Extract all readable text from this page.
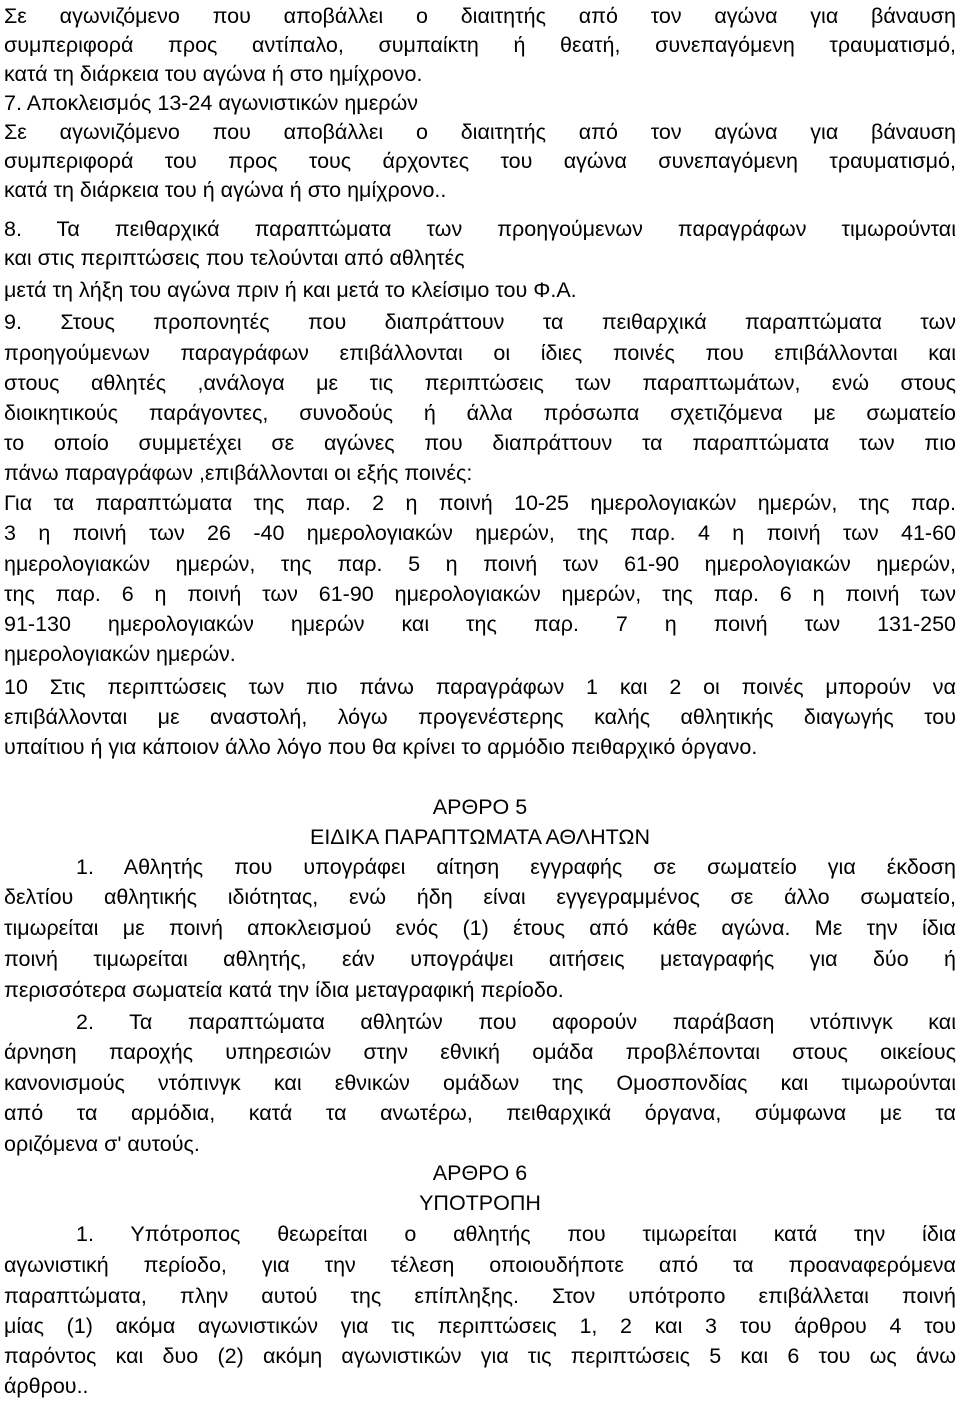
Σε αγωνιζόμενο που αποβάλλει ο διαιτητής από τον αγώνα για βάναυση
συμπεριφορά προς αντίπαλο, συμπαίκτη ή θεατή, συνεπαγόμενη τραυματισμό,
κατά τη διάρκεια του αγώνα ή στο ημίχρονο.
7. Αποκλεισμός 13-24 αγωνιστικών ημερών
Σε αγωνιζόμενο που αποβάλλει ο διαιτητής από τον αγώνα για βάναυση
συμπεριφορά του προς τους άρχοντες του αγώνα συνεπαγόμενη τραυματισμό,
κατά τη διάρκεια του ή αγώνα ή στο ημίχρονο..
8. Τα πειθαρχικά παραπτώματα των προηγούμενων παραγράφων τιμωρούνται
και στις περιπτώσεις που τελούνται από αθλητές
μετά τη λήξη του αγώνα πριν ή και μετά το κλείσιμο του Φ.Α.
9. Στους προπονητές που διαπράττουν τα πειθαρχικά παραπτώματα των
προηγούμενων παραγράφων επιβάλλονται οι ίδιες ποινές που επιβάλλονται και
στους αθλητές ,ανάλογα με τις περιπτώσεις των παραπτωμάτων, ενώ στους
διοικητικούς παράγοντες, συνοδούς ή άλλα πρόσωπα σχετιζόμενα με σωματείο
το οποίο συμμετέχει σε αγώνες που διαπράττουν τα παραπτώματα των πιο
πάνω παραγράφων ,επιβάλλονται οι εξής ποινές:
Για τα παραπτώματα της παρ. 2 η ποινή 10-25 ημερολογιακών ημερών, της παρ.
3 η ποινή των 26 -40 ημερολογιακών ημερών, της παρ. 4 η ποινή των 41-60
ημερολογιακών ημερών, της παρ. 5 η ποινή των 61-90 ημερολογιακών ημερών,
της παρ. 6 η ποινή των 61-90 ημερολογιακών ημερών, της παρ. 6 η ποινή των
91-130 ημερολογιακών ημερών και της παρ. 7 η ποινή των 131-250
ημερολογιακών ημερών.
10 Στις περιπτώσεις των πιο πάνω παραγράφων 1 και 2 οι ποινές μπορούν να
επιβάλλονται με αναστολή, λόγω προγενέστερης καλής αθλητικής διαγωγής του
υπαίτιου ή για κάποιον άλλο λόγο που θα κρίνει το αρμόδιο πειθαρχικό όργανο.
ΑΡΘΡΟ 5
ΕΙΔΙΚΑ ΠΑΡΑΠΤΩΜΑΤΑ ΑΘΛΗΤΩΝ
1. Αθλητής που υπογράφει αίτηση εγγραφής σε σωματείο για έκδοση
δελτίου αθλητικής ιδιότητας, ενώ ήδη είναι εγγεγραμμένος σε άλλο σωματείο,
τιμωρείται με ποινή αποκλεισμού ενός (1) έτους από κάθε αγώνα. Με την ίδια
ποινή τιμωρείται αθλητής, εάν υπογράψει αιτήσεις μεταγραφής για δύο ή
περισσότερα σωματεία κατά την ίδια μεταγραφική περίοδο.
2. Τα παραπτώματα αθλητών που αφορούν παράβαση ντόπινγκ και
άρνηση παροχής υπηρεσιών στην εθνική ομάδα προβλέπονται στους οικείους
κανονισμούς ντόπινγκ και εθνικών ομάδων της Ομοσπονδίας και τιμωρούνται
από τα αρμόδια, κατά τα ανωτέρω, πειθαρχικά όργανα, σύμφωνα με τα
οριζόμενα σ' αυτούς.
ΑΡΘΡΟ 6
ΥΠΟΤΡΟΠΗ
1. Υπότροπος θεωρείται ο αθλητής που τιμωρείται κατά την ίδια
αγωνιστική περίοδο, για την τέλεση οποιουδήποτε από τα προαναφερόμενα
παραπτώματα, πλην αυτού της επίπληξης. Στον υπότροπο επιβάλλεται ποινή
μίας (1) ακόμα αγωνιστικών για τις περιπτώσεις 1, 2 και 3 του άρθρου 4 του
παρόντος και δυο (2) ακόμη αγωνιστικών για τις περιπτώσεις 5 και 6 του ως άνω
άρθρου..
